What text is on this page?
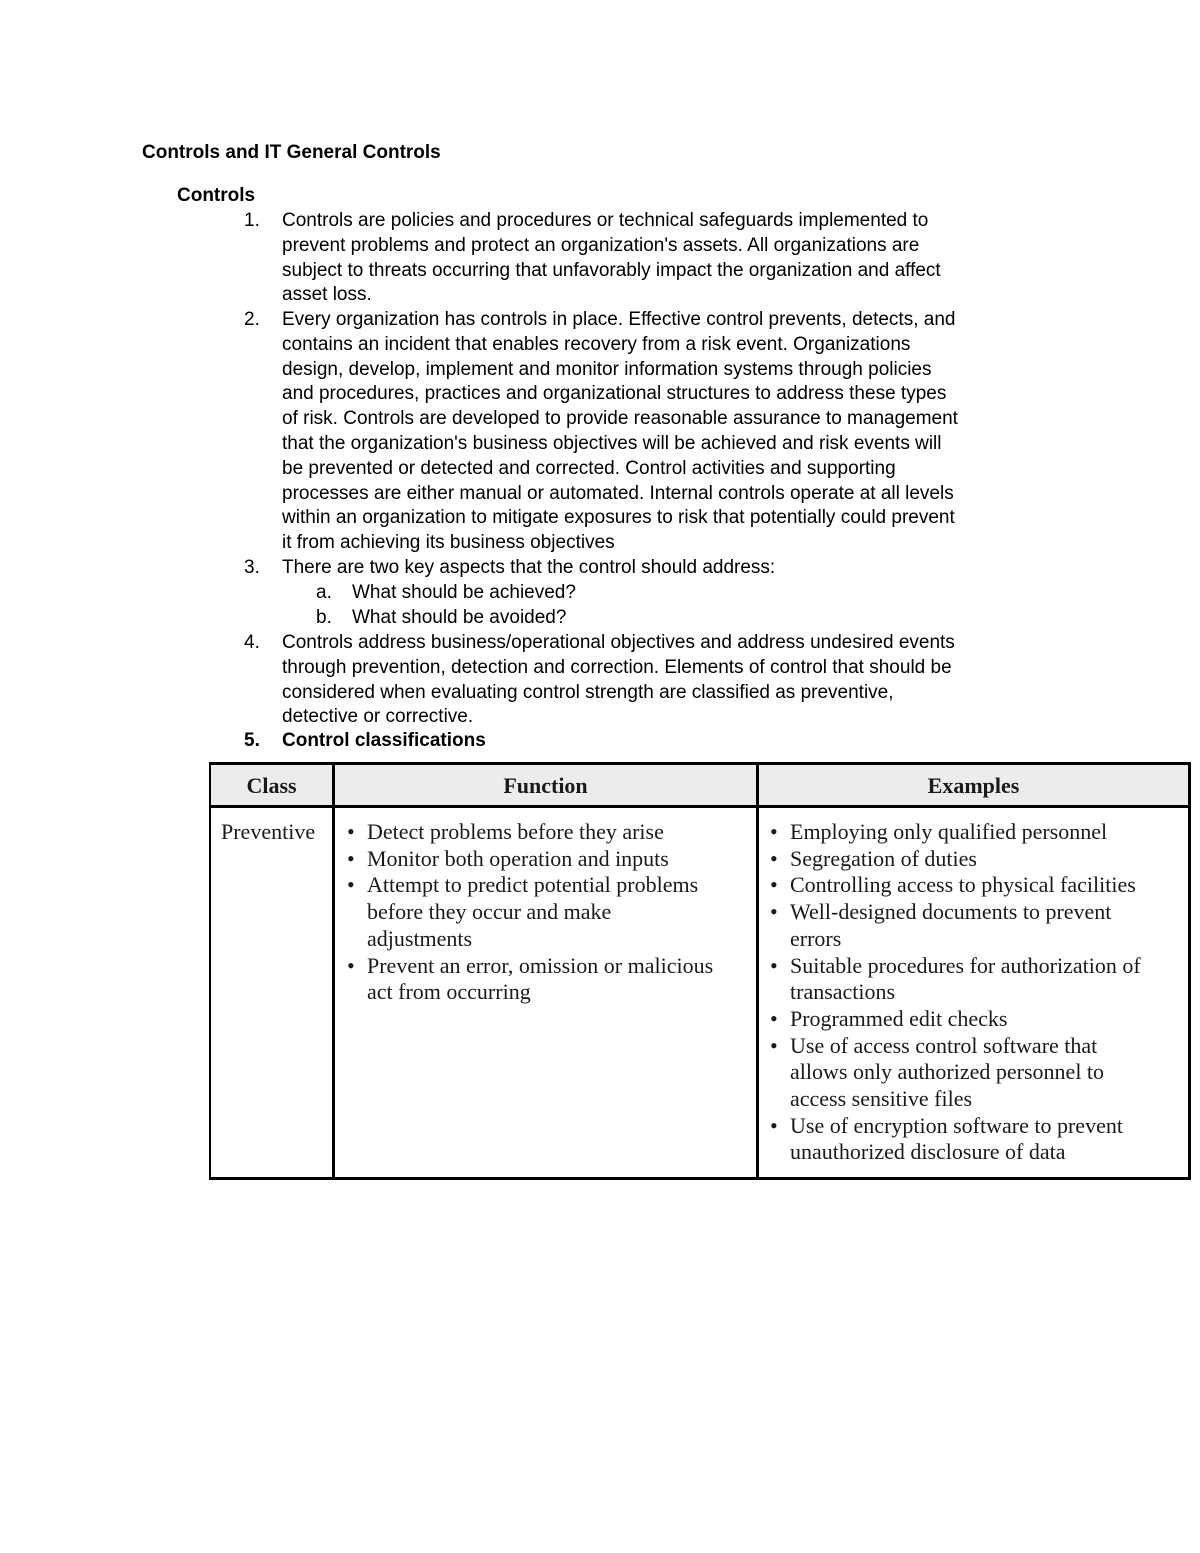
Controls and IT General Controls
Controls
1.	Controls are policies and procedures or technical safeguards implemented to
prevent problems and protect an organization's assets. All organizations are
subject to threats occurring that unfavorably impact the organization and affect
asset loss.
2.	Every organization has controls in place. Effective control prevents, detects, and
contains an incident that enables recovery from a risk event. Organizations
design, develop, implement and monitor information systems through policies
and procedures, practices and organizational structures to address these types
of risk. Controls are developed to provide reasonable assurance to management
that the organization's business objectives will be achieved and risk events will
be prevented or detected and corrected. Control activities and supporting
processes are either manual or automated. Internal controls operate at all levels
within an organization to mitigate exposures to risk that potentially could prevent
it from achieving its business objectives
3.	There are two key aspects that the control should address:
a. What should be achieved?
b. What should be avoided?
4.	Controls address business/operational objectives and address undesired events
through prevention, detection and correction. Elements of control that should be
considered when evaluating control strength are classified as preventive,
detective or corrective.
5.	Control classifications
Class	Function	Examples
Preventive
• Detect problems before they arise
• Monitor both operation and inputs
• Attempt to predict potential problems
before they occur and make
adjustments
• Prevent an error, omission or malicious
act from occurring
• Employing only qualified personnel
• Segregation of duties
• Controlling access to physical facilities
• Well-designed documents to prevent
errors
• Suitable procedures for authorization of
transactions
• Programmed edit checks
• Use of access control software that
allows only authorized personnel to
access sensitive files
• Use of encryption software to prevent
unauthorized disclosure of data
